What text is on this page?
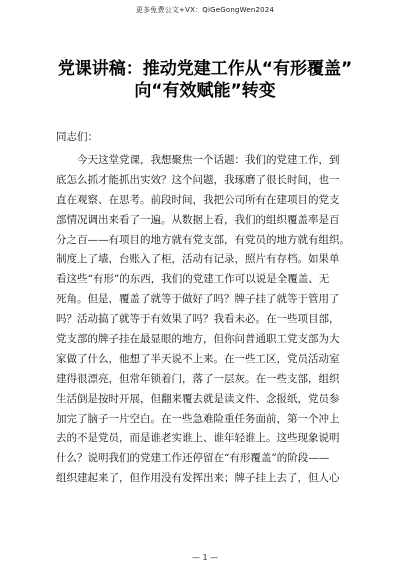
更多免费公文+VX：QiGeGongWen2024
党课讲稿：推动党建工作从“有形覆盖”
向“有效赋能”转变
同志们：
今天这堂党课，我想聚焦一个话题：我们的党建工作，到
底怎么抓才能抓出实效？这个问题，我琢磨了很长时间，也一
直在观察、在思考。前段时间，我把公司所有在建项目的党支
部情况调出来看了一遍。从数据上看，我们的组织覆盖率是百
分之百——有项目的地方就有党支部，有党员的地方就有组织。
制度上了墙，台账入了柜，活动有记录，照片有存档。如果单
看这些“有形”的东西，我们的党建工作可以说是全覆盖、无
死角。但是，覆盖了就等于做好了吗？牌子挂了就等于管用了
吗？活动搞了就等于有效果了吗？我看未必。在一些项目部，
党支部的牌子挂在最显眼的地方，但你问普通职工党支部为大
家做了什么，他想了半天说不上来。在一些工区，党员活动室
建得很漂亮，但常年锁着门，落了一层灰。在一些支部，组织
生活倒是按时开展，但翻来覆去就是读文件、念报纸，党员参
加完了脑子一片空白。在一些急难险重任务面前，第一个冲上
去的不是党员，而是谁老实谁上、谁年轻谁上。这些现象说明
什么？说明我们的党建工作还停留在“有形覆盖”的阶段——
组织建起来了，但作用没有发挥出来；牌子挂上去了，但人心
— 1 —
